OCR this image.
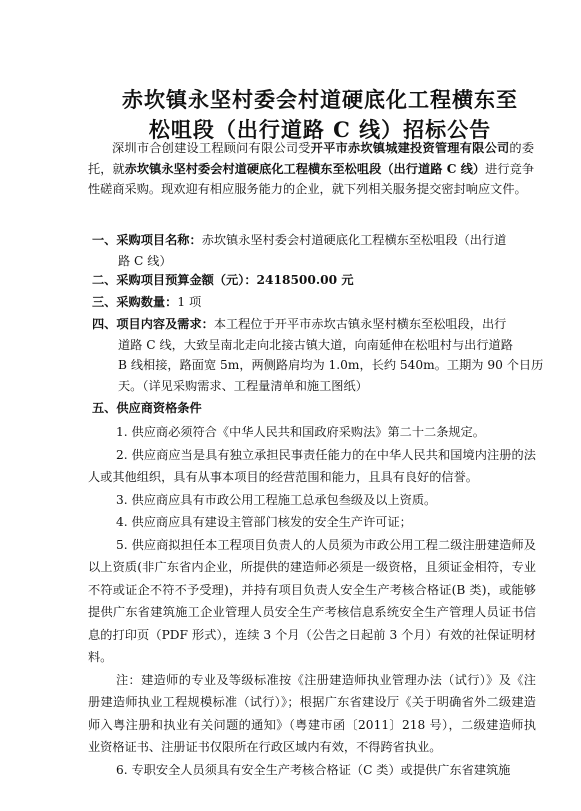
赤坎镇永坚村委会村道硬底化工程横东至
松咀段（出行道路 C 线）招标公告

深圳市合创建设工程顾问有限公司受开平市赤坎镇城建投资管理有限公司的委托，就赤坎镇永坚村委会村道硬底化工程横东至松咀段（出行道路 C 线）进行竞争性磋商采购。现欢迎有相应服务能力的企业，就下列相关服务提交密封响应文件。

一、采购项目名称：赤坎镇永坚村委会村道硬底化工程横东至松咀段（出行道
路 C 线）
二、采购项目预算金额（元）：2418500.00 元
三、采购数量：1 项
四、项目内容及需求：本工程位于开平市赤坎古镇永坚村横东至松咀段，出行
道路 C 线，大致呈南北走向北接古镇大道，向南延伸在松咀村与出行道路
B 线相接，路面宽 5m，两侧路肩均为 1.0m，长约 540m。工期为 90 个日历
天。（详见采购需求、工程量清单和施工图纸）
五、供应商资格条件

1. 供应商必须符合《中华人民共和国政府采购法》第二十二条规定。

2. 供应商应当是具有独立承担民事责任能力的在中华人民共和国境内注册的法人或其他组织，具有从事本项目的经营范围和能力，且具有良好的信誉。

3. 供应商应具有市政公用工程施工总承包叁级及以上资质。

4. 供应商应具有建设主管部门核发的安全生产许可证；

5. 供应商拟担任本工程项目负责人的人员须为市政公用工程二级注册建造师及以上资质(非广东省内企业，所提供的建造师必须是一级资格，且须证金相符，专业不符或证企不符不予受理)，并持有项目负责人安全生产考核合格证(B 类)，或能够提供广东省建筑施工企业管理人员安全生产考核信息系统安全生产管理人员证书信息的打印页（PDF 形式），连续 3 个月（公告之日起前 3 个月）有效的社保证明材料。

注：建造师的专业及等级标准按《注册建造师执业管理办法（试行）》及《注册建造师执业工程规模标准（试行）》；根据广东省建设厅《关于明确省外二级建造师入粤注册和执业有关问题的通知》（粤建市函〔2011〕218 号），二级建造师执业资格证书、注册证书仅限所在行政区域内有效，不得跨省执业。

6. 专职安全人员须具有安全生产考核合格证（C 类）或提供广东省建筑施
